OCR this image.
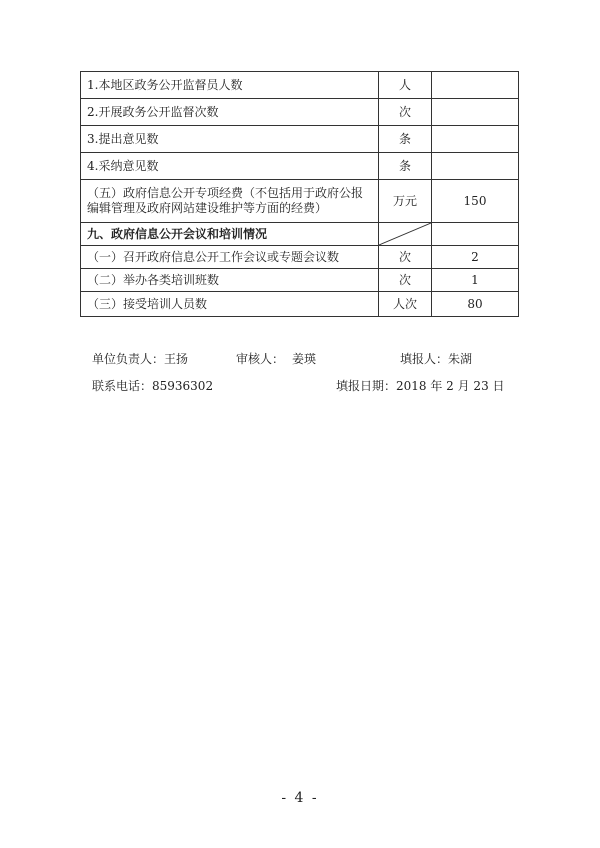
1.本地区政务公开监督员人数	人	
2.开展政务公开监督次数	次	
3.提出意见数	条	
4.采纳意见数	条	
（五）政府信息公开专项经费（不包括用于政府公报编辑管理及政府网站建设维护等方面的经费）	万元	150
九、政府信息公开会议和培训情况	

（一）召开政府信息公开工作会议或专题会议数	次	2
（二）举办各类培训班数	次	1
（三）接受培训人员数	人次	80
单位负责人：王扬	审核人： 姜瑛	填报人：朱湖
联系电话：85936302	填报日期：2018 年 2 月 23 日
- 4 -
